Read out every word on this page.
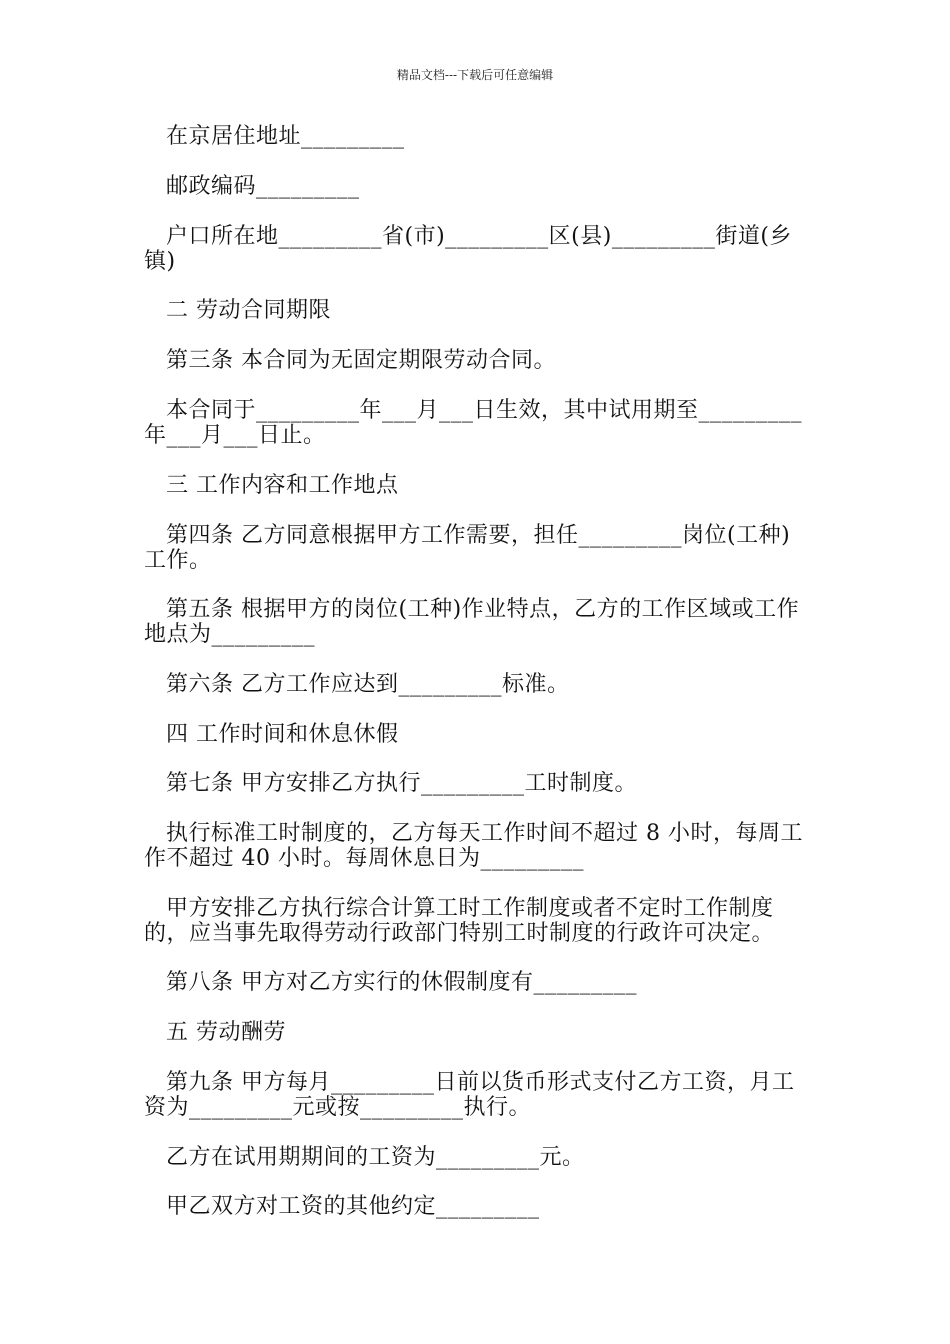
精品文档---下载后可任意编辑

在京居住地址_________

邮政编码_________

户口所在地_________省(市)_________区(县)_________街道(乡镇)

二 劳动合同期限

第三条 本合同为无固定期限劳动合同。

本合同于_________年___月___日生效，其中试用期至_________年___月___日止。

三 工作内容和工作地点

第四条 乙方同意根据甲方工作需要，担任_________岗位(工种)工作。

第五条 根据甲方的岗位(工种)作业特点，乙方的工作区域或工作地点为_________

第六条 乙方工作应达到_________标准。

四 工作时间和休息休假

第七条 甲方安排乙方执行_________工时制度。

执行标准工时制度的，乙方每天工作时间不超过 8 小时，每周工作不超过 40 小时。每周休息日为_________

甲方安排乙方执行综合计算工时工作制度或者不定时工作制度的，应当事先取得劳动行政部门特别工时制度的行政许可决定。

第八条 甲方对乙方实行的休假制度有_________

五 劳动酬劳

第九条 甲方每月_________日前以货币形式支付乙方工资，月工资为_________元或按_________执行。

乙方在试用期期间的工资为_________元。

甲乙双方对工资的其他约定_________
